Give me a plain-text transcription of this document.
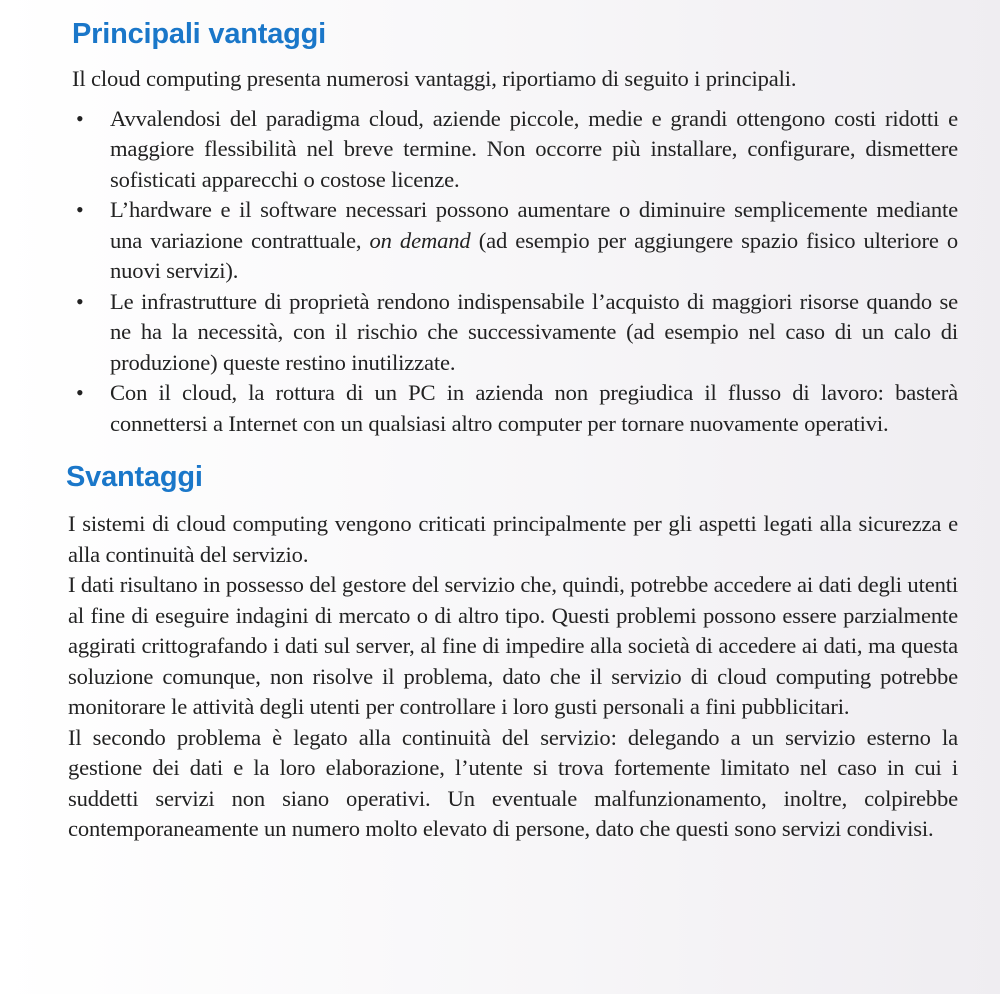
Principali vantaggi

Il cloud computing presenta numerosi vantaggi, riportiamo di seguito i principali.

• Avvalendosi del paradigma cloud, aziende piccole, medie e grandi ottengono costi ridotti e maggiore flessibilità nel breve termine. Non occorre più installare, configurare, dismettere sofisticati apparecchi o costose licenze.
• L’hardware e il software necessari possono aumentare o diminuire semplicemente mediante una variazione contrattuale, on demand (ad esempio per aggiungere spazio fisico ulteriore o nuovi servizi).
• Le infrastrutture di proprietà rendono indispensabile l’acquisto di maggiori risorse quando se ne ha la necessità, con il rischio che successivamente (ad esempio nel caso di un calo di produzione) queste restino inutilizzate.
• Con il cloud, la rottura di un PC in azienda non pregiudica il flusso di lavoro: basterà connettersi a Internet con un qualsiasi altro computer per tornare nuovamente operativi.
Svantaggi

I sistemi di cloud computing vengono criticati principalmente per gli aspetti legati alla sicurezza e alla continuità del servizio.

I dati risultano in possesso del gestore del servizio che, quindi, potrebbe accedere ai dati degli utenti al fine di eseguire indagini di mercato o di altro tipo. Questi problemi possono essere parzialmente aggirati crittografando i dati sul server, al fine di impedire alla società di accedere ai dati, ma questa soluzione comunque, non risolve il problema, dato che il servizio di cloud computing potrebbe monitorare le attività degli utenti per controllare i loro gusti personali a fini pubblicitari.

Il secondo problema è legato alla continuità del servizio: delegando a un servizio esterno la gestione dei dati e la loro elaborazione, l’utente si trova fortemente limitato nel caso in cui i suddetti servizi non siano operativi. Un eventuale malfunzionamento, inoltre, colpirebbe contemporaneamente un numero molto elevato di persone, dato che questi sono servizi condivisi.
